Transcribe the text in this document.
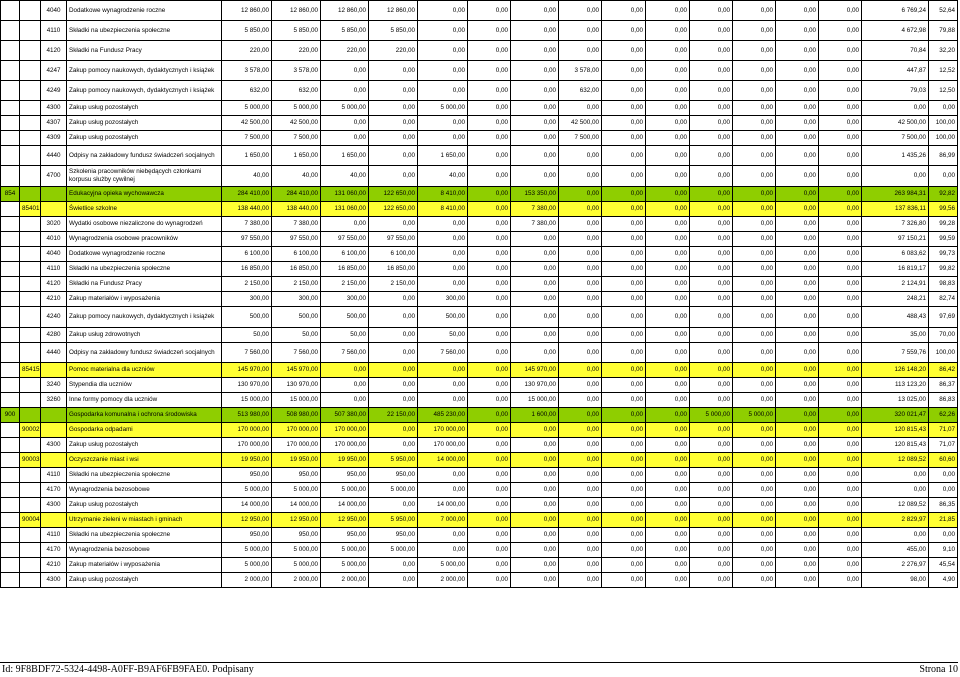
		4040	Dodatkowe wynagrodzenie roczne	12 860,00	12 860,00	12 860,00	12 860,00	0,00	0,00	0,00	0,00	0,00	0,00	0,00	0,00	0,00	0,00	6 769,24	52,64
		4110	Składki na ubezpieczenia społeczne	5 850,00	5 850,00	5 850,00	5 850,00	0,00	0,00	0,00	0,00	0,00	0,00	0,00	0,00	0,00	0,00	4 672,98	79,88
		4120	Składki na Fundusz Pracy	220,00	220,00	220,00	220,00	0,00	0,00	0,00	0,00	0,00	0,00	0,00	0,00	0,00	0,00	70,84	32,20
		4247	Zakup pomocy naukowych, dydaktycznych i książek	3 578,00	3 578,00	0,00	0,00	0,00	0,00	0,00	3 578,00	0,00	0,00	0,00	0,00	0,00	0,00	447,87	12,52
		4249	Zakup pomocy naukowych, dydaktycznych i książek	632,00	632,00	0,00	0,00	0,00	0,00	0,00	632,00	0,00	0,00	0,00	0,00	0,00	0,00	79,03	12,50
		4300	Zakup usług pozostałych	5 000,00	5 000,00	5 000,00	0,00	5 000,00	0,00	0,00	0,00	0,00	0,00	0,00	0,00	0,00	0,00	0,00	0,00
		4307	Zakup usług pozostałych	42 500,00	42 500,00	0,00	0,00	0,00	0,00	0,00	42 500,00	0,00	0,00	0,00	0,00	0,00	0,00	42 500,00	100,00
		4309	Zakup usług pozostałych	7 500,00	7 500,00	0,00	0,00	0,00	0,00	0,00	7 500,00	0,00	0,00	0,00	0,00	0,00	0,00	7 500,00	100,00
		4440	Odpisy na zakładowy fundusz świadczeń socjalnych	1 650,00	1 650,00	1 650,00	0,00	1 650,00	0,00	0,00	0,00	0,00	0,00	0,00	0,00	0,00	0,00	1 435,26	86,99
		4700	Szkolenia pracowników niebędących członkami korpusu służby cywilnej	40,00	40,00	40,00	0,00	40,00	0,00	0,00	0,00	0,00	0,00	0,00	0,00	0,00	0,00	0,00	0,00
854			Edukacyjna opieka wychowawcza	284 410,00	284 410,00	131 060,00	122 650,00	8 410,00	0,00	153 350,00	0,00	0,00	0,00	0,00	0,00	0,00	0,00	263 984,31	92,82
	85401		Świetlice szkolne	138 440,00	138 440,00	131 060,00	122 650,00	8 410,00	0,00	7 380,00	0,00	0,00	0,00	0,00	0,00	0,00	0,00	137 836,11	99,56
		3020	Wydatki osobowe niezaliczone do wynagrodzeń	7 380,00	7 380,00	0,00	0,00	0,00	0,00	7 380,00	0,00	0,00	0,00	0,00	0,00	0,00	0,00	7 326,80	99,28
		4010	Wynagrodzenia osobowe pracowników	97 550,00	97 550,00	97 550,00	97 550,00	0,00	0,00	0,00	0,00	0,00	0,00	0,00	0,00	0,00	0,00	97 150,21	99,59
		4040	Dodatkowe wynagrodzenie roczne	6 100,00	6 100,00	6 100,00	6 100,00	0,00	0,00	0,00	0,00	0,00	0,00	0,00	0,00	0,00	0,00	6 083,62	99,73
		4110	Składki na ubezpieczenia społeczne	16 850,00	16 850,00	16 850,00	16 850,00	0,00	0,00	0,00	0,00	0,00	0,00	0,00	0,00	0,00	0,00	16 819,17	99,82
		4120	Składki na Fundusz Pracy	2 150,00	2 150,00	2 150,00	2 150,00	0,00	0,00	0,00	0,00	0,00	0,00	0,00	0,00	0,00	0,00	2 124,91	98,83
		4210	Zakup materiałów i wyposażenia	300,00	300,00	300,00	0,00	300,00	0,00	0,00	0,00	0,00	0,00	0,00	0,00	0,00	0,00	248,21	82,74
		4240	Zakup pomocy naukowych, dydaktycznych i książek	500,00	500,00	500,00	0,00	500,00	0,00	0,00	0,00	0,00	0,00	0,00	0,00	0,00	0,00	488,43	97,69
		4280	Zakup usług zdrowotnych	50,00	50,00	50,00	0,00	50,00	0,00	0,00	0,00	0,00	0,00	0,00	0,00	0,00	0,00	35,00	70,00
		4440	Odpisy na zakładowy fundusz świadczeń socjalnych	7 560,00	7 560,00	7 560,00	0,00	7 560,00	0,00	0,00	0,00	0,00	0,00	0,00	0,00	0,00	0,00	7 559,76	100,00
	85415		Pomoc materialna dla uczniów	145 970,00	145 970,00	0,00	0,00	0,00	0,00	145 970,00	0,00	0,00	0,00	0,00	0,00	0,00	0,00	126 148,20	86,42
		3240	Stypendia dla uczniów	130 970,00	130 970,00	0,00	0,00	0,00	0,00	130 970,00	0,00	0,00	0,00	0,00	0,00	0,00	0,00	113 123,20	86,37
		3260	Inne formy pomocy dla uczniów	15 000,00	15 000,00	0,00	0,00	0,00	0,00	15 000,00	0,00	0,00	0,00	0,00	0,00	0,00	0,00	13 025,00	86,83
900			Gospodarka komunalna i ochrona środowiska	513 980,00	508 980,00	507 380,00	22 150,00	485 230,00	0,00	1 600,00	0,00	0,00	0,00	5 000,00	5 000,00	0,00	0,00	320 021,47	62,26
	90002		Gospodarka odpadami	170 000,00	170 000,00	170 000,00	0,00	170 000,00	0,00	0,00	0,00	0,00	0,00	0,00	0,00	0,00	0,00	120 815,43	71,07
		4300	Zakup usług pozostałych	170 000,00	170 000,00	170 000,00	0,00	170 000,00	0,00	0,00	0,00	0,00	0,00	0,00	0,00	0,00	0,00	120 815,43	71,07
	90003		Oczyszczanie miast i wsi	19 950,00	19 950,00	19 950,00	5 950,00	14 000,00	0,00	0,00	0,00	0,00	0,00	0,00	0,00	0,00	0,00	12 089,52	60,60
		4110	Składki na ubezpieczenia społeczne	950,00	950,00	950,00	950,00	0,00	0,00	0,00	0,00	0,00	0,00	0,00	0,00	0,00	0,00	0,00	0,00
		4170	Wynagrodzenia bezosobowe	5 000,00	5 000,00	5 000,00	5 000,00	0,00	0,00	0,00	0,00	0,00	0,00	0,00	0,00	0,00	0,00	0,00	0,00
		4300	Zakup usług pozostałych	14 000,00	14 000,00	14 000,00	0,00	14 000,00	0,00	0,00	0,00	0,00	0,00	0,00	0,00	0,00	0,00	12 089,52	86,35
	90004		Utrzymanie zieleni w miastach i gminach	12 950,00	12 950,00	12 950,00	5 950,00	7 000,00	0,00	0,00	0,00	0,00	0,00	0,00	0,00	0,00	0,00	2 829,97	21,85
		4110	Składki na ubezpieczenia społeczne	950,00	950,00	950,00	950,00	0,00	0,00	0,00	0,00	0,00	0,00	0,00	0,00	0,00	0,00	0,00	0,00
		4170	Wynagrodzenia bezosobowe	5 000,00	5 000,00	5 000,00	5 000,00	0,00	0,00	0,00	0,00	0,00	0,00	0,00	0,00	0,00	0,00	455,00	9,10
		4210	Zakup materiałów i wyposażenia	5 000,00	5 000,00	5 000,00	0,00	5 000,00	0,00	0,00	0,00	0,00	0,00	0,00	0,00	0,00	0,00	2 276,97	45,54
		4300	Zakup usług pozostałych	2 000,00	2 000,00	2 000,00	0,00	2 000,00	0,00	0,00	0,00	0,00	0,00	0,00	0,00	0,00	0,00	98,00	4,90
Id: 9F8BDF72-5324-4498-A0FF-B9AF6FB9FAE0. Podpisany	Strona 10
